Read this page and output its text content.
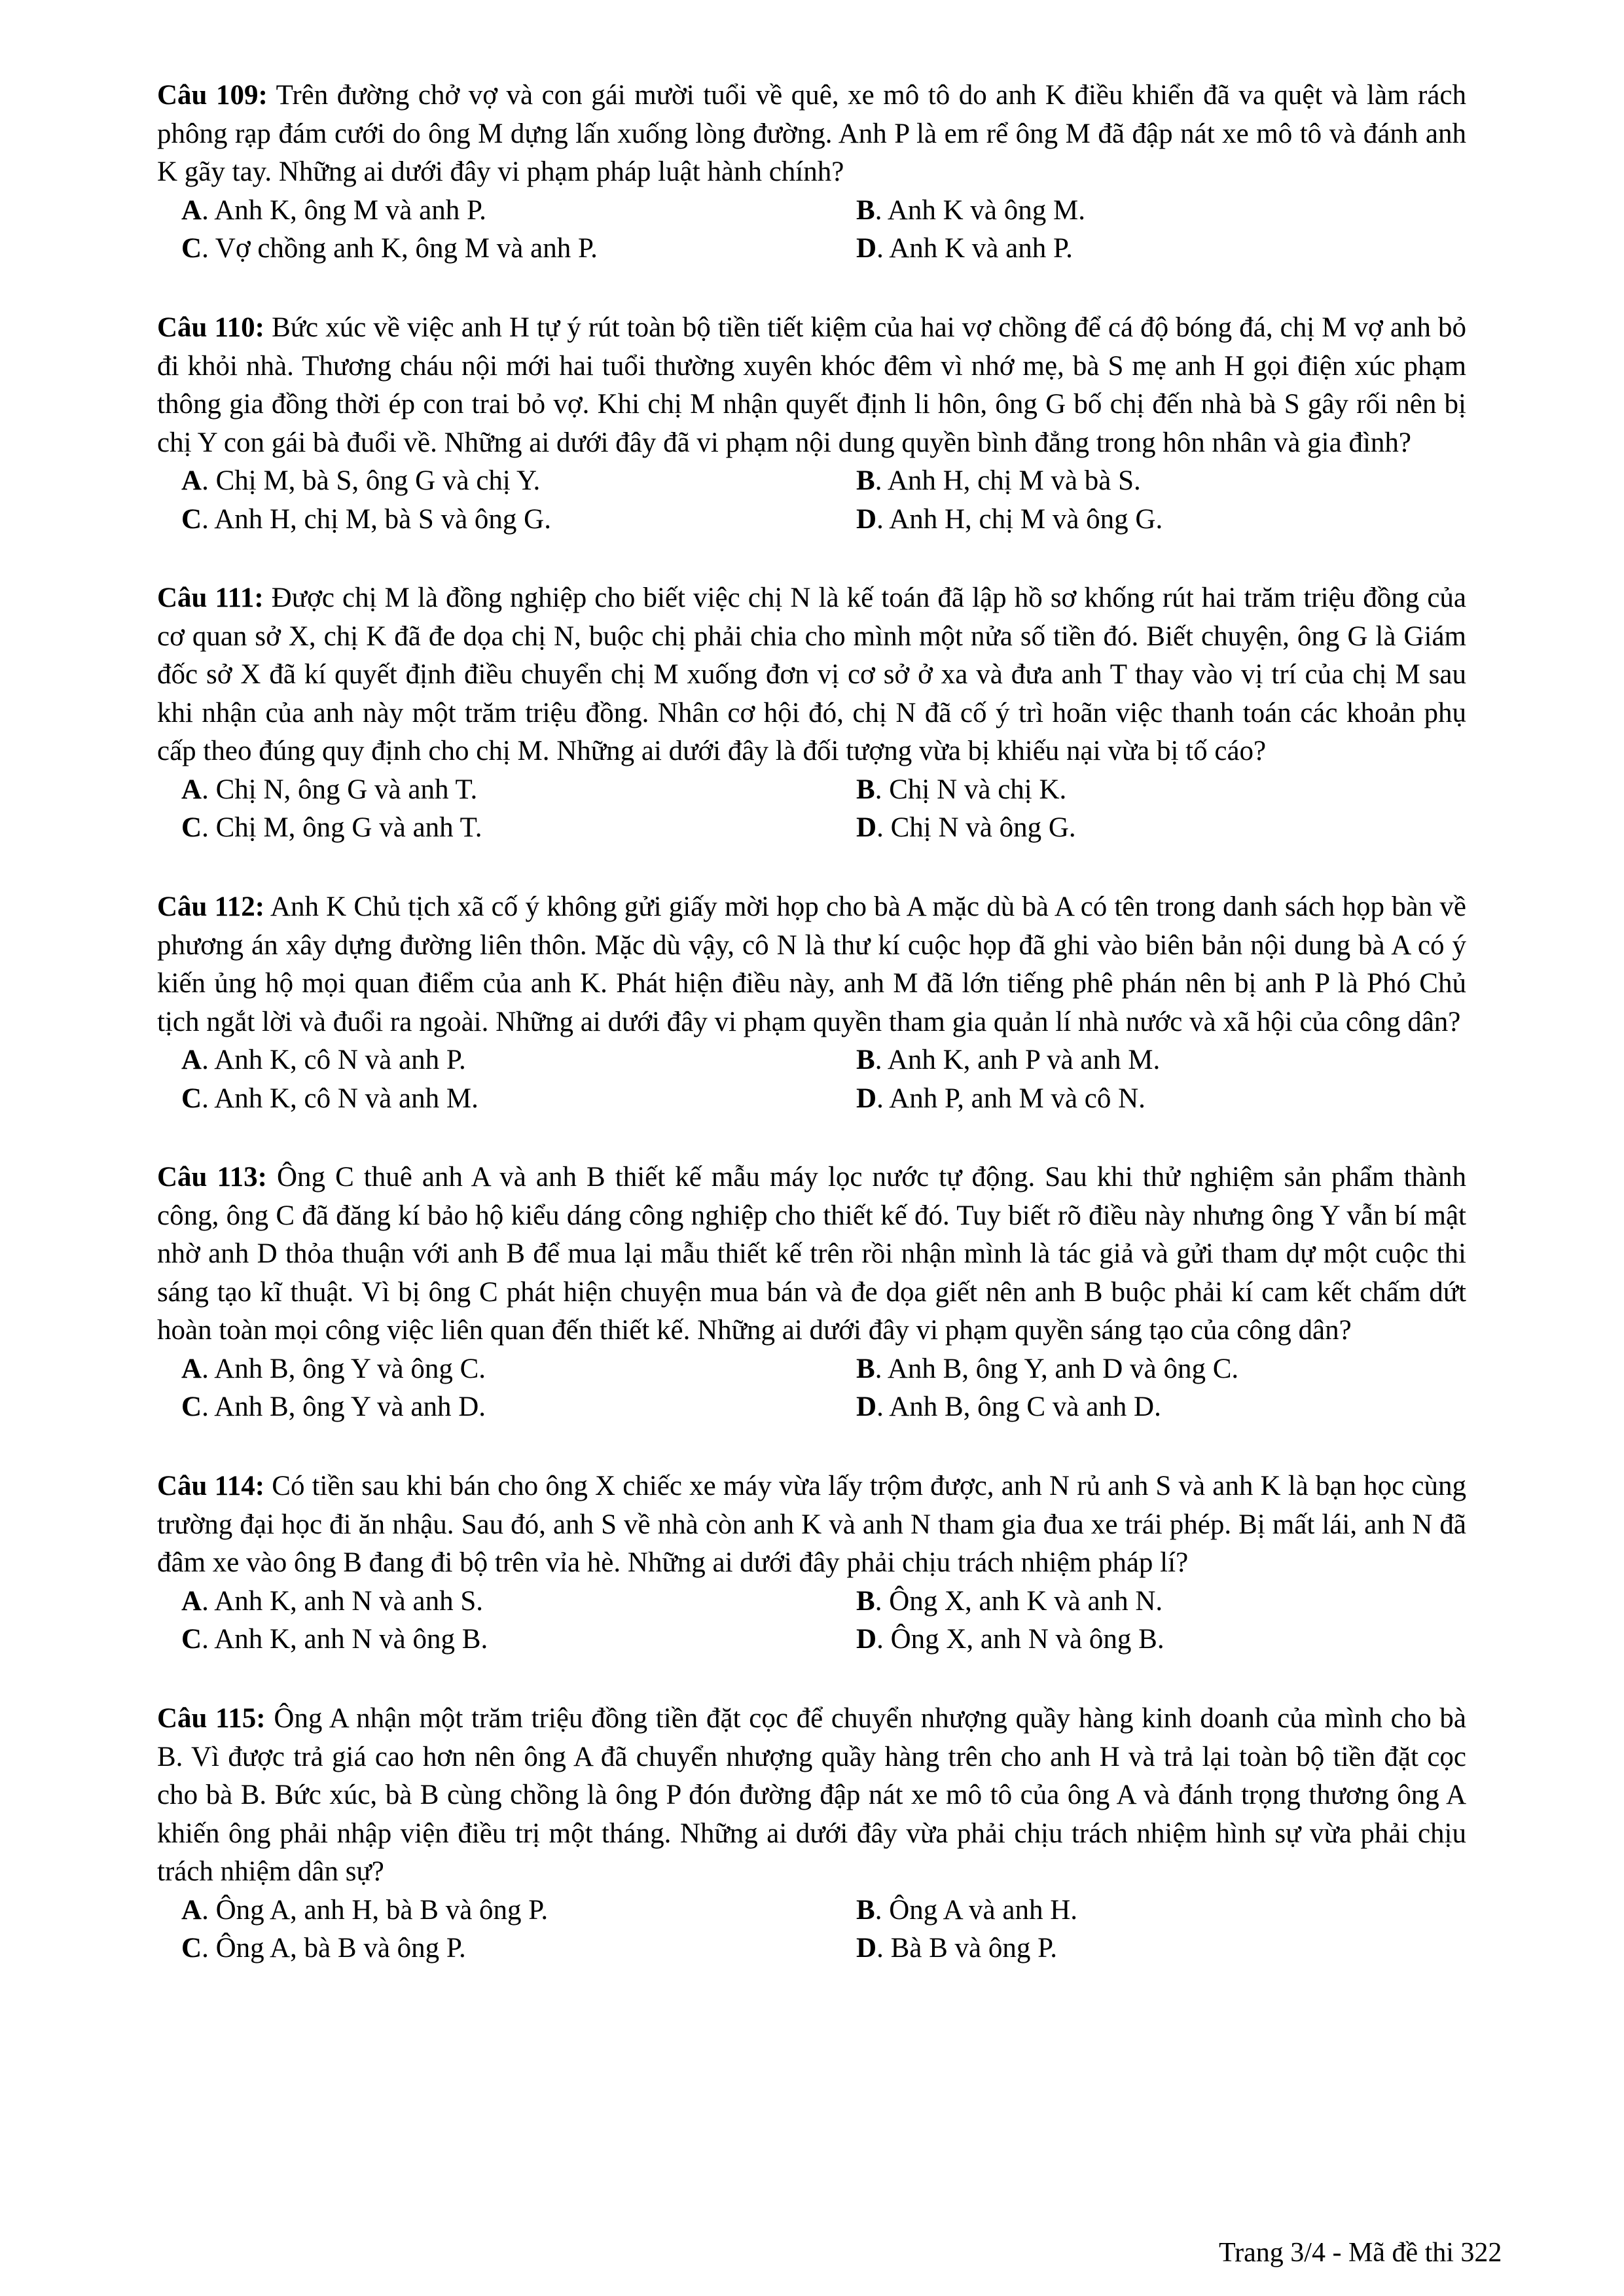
Câu 109: Trên đường chở vợ và con gái mười tuổi về quê, xe mô tô do anh K điều khiển đã va quệt và làm rách phông rạp đám cưới do ông M dựng lấn xuống lòng đường. Anh P là em rể ông M đã đập nát xe mô tô và đánh anh K gãy tay. Những ai dưới đây vi phạm pháp luật hành chính?
A. Anh K, ông M và anh P.	B. Anh K và ông M.
C. Vợ chồng anh K, ông M và anh P.	D. Anh K và anh P.
Câu 110: Bức xúc về việc anh H tự ý rút toàn bộ tiền tiết kiệm của hai vợ chồng để cá độ bóng đá, chị M vợ anh bỏ đi khỏi nhà. Thương cháu nội mới hai tuổi thường xuyên khóc đêm vì nhớ mẹ, bà S mẹ anh H gọi điện xúc phạm thông gia đồng thời ép con trai bỏ vợ. Khi chị M nhận quyết định li hôn, ông G bố chị đến nhà bà S gây rối nên bị chị Y con gái bà đuổi về. Những ai dưới đây đã vi phạm nội dung quyền bình đẳng trong hôn nhân và gia đình?
A. Chị M, bà S, ông G và chị Y.	B. Anh H, chị M và bà S.
C. Anh H, chị M, bà S và ông G.	D. Anh H, chị M và ông G.
Câu 111: Được chị M là đồng nghiệp cho biết việc chị N là kế toán đã lập hồ sơ khống rút hai trăm triệu đồng của cơ quan sở X, chị K đã đe dọa chị N, buộc chị phải chia cho mình một nửa số tiền đó. Biết chuyện, ông G là Giám đốc sở X đã kí quyết định điều chuyển chị M xuống đơn vị cơ sở ở xa và đưa anh T thay vào vị trí của chị M sau khi nhận của anh này một trăm triệu đồng. Nhân cơ hội đó, chị N đã cố ý trì hoãn việc thanh toán các khoản phụ cấp theo đúng quy định cho chị M. Những ai dưới đây là đối tượng vừa bị khiếu nại vừa bị tố cáo?
A. Chị N, ông G và anh T.	B. Chị N và chị K.
C. Chị M, ông G và anh T.	D. Chị N và ông G.
Câu 112: Anh K Chủ tịch xã cố ý không gửi giấy mời họp cho bà A mặc dù bà A có tên trong danh sách họp bàn về phương án xây dựng đường liên thôn. Mặc dù vậy, cô N là thư kí cuộc họp đã ghi vào biên bản nội dung bà A có ý kiến ủng hộ mọi quan điểm của anh K. Phát hiện điều này, anh M đã lớn tiếng phê phán nên bị anh P là Phó Chủ tịch ngắt lời và đuổi ra ngoài. Những ai dưới đây vi phạm quyền tham gia quản lí nhà nước và xã hội của công dân?
A. Anh K, cô N và anh P.	B. Anh K, anh P và anh M.
C. Anh K, cô N và anh M.	D. Anh P, anh M và cô N.
Câu 113: Ông C thuê anh A và anh B thiết kế mẫu máy lọc nước tự động. Sau khi thử nghiệm sản phẩm thành công, ông C đã đăng kí bảo hộ kiểu dáng công nghiệp cho thiết kế đó. Tuy biết rõ điều này nhưng ông Y vẫn bí mật nhờ anh D thỏa thuận với anh B để mua lại mẫu thiết kế trên rồi nhận mình là tác giả và gửi tham dự một cuộc thi sáng tạo kĩ thuật. Vì bị ông C phát hiện chuyện mua bán và đe dọa giết nên anh B buộc phải kí cam kết chấm dứt hoàn toàn mọi công việc liên quan đến thiết kế. Những ai dưới đây vi phạm quyền sáng tạo của công dân?
A. Anh B, ông Y và ông C.	B. Anh B, ông Y, anh D và ông C.
C. Anh B, ông Y và anh D.	D. Anh B, ông C và anh D.
Câu 114: Có tiền sau khi bán cho ông X chiếc xe máy vừa lấy trộm được, anh N rủ anh S và anh K là bạn học cùng trường đại học đi ăn nhậu. Sau đó, anh S về nhà còn anh K và anh N tham gia đua xe trái phép. Bị mất lái, anh N đã đâm xe vào ông B đang đi bộ trên vỉa hè. Những ai dưới đây phải chịu trách nhiệm pháp lí?
A. Anh K, anh N và anh S.	B. Ông X, anh K và anh N.
C. Anh K, anh N và ông B.	D. Ông X, anh N và ông B.
Câu 115: Ông A nhận một trăm triệu đồng tiền đặt cọc để chuyển nhượng quầy hàng kinh doanh của mình cho bà B. Vì được trả giá cao hơn nên ông A đã chuyển nhượng quầy hàng trên cho anh H và trả lại toàn bộ tiền đặt cọc cho bà B. Bức xúc, bà B cùng chồng là ông P đón đường đập nát xe mô tô của ông A và đánh trọng thương ông A khiến ông phải nhập viện điều trị một tháng. Những ai dưới đây vừa phải chịu trách nhiệm hình sự vừa phải chịu trách nhiệm dân sự?
A. Ông A, anh H, bà B và ông P.	B. Ông A và anh H.
C. Ông A, bà B và ông P.	D. Bà B và ông P.
Trang 3/4 - Mã đề thi 322
